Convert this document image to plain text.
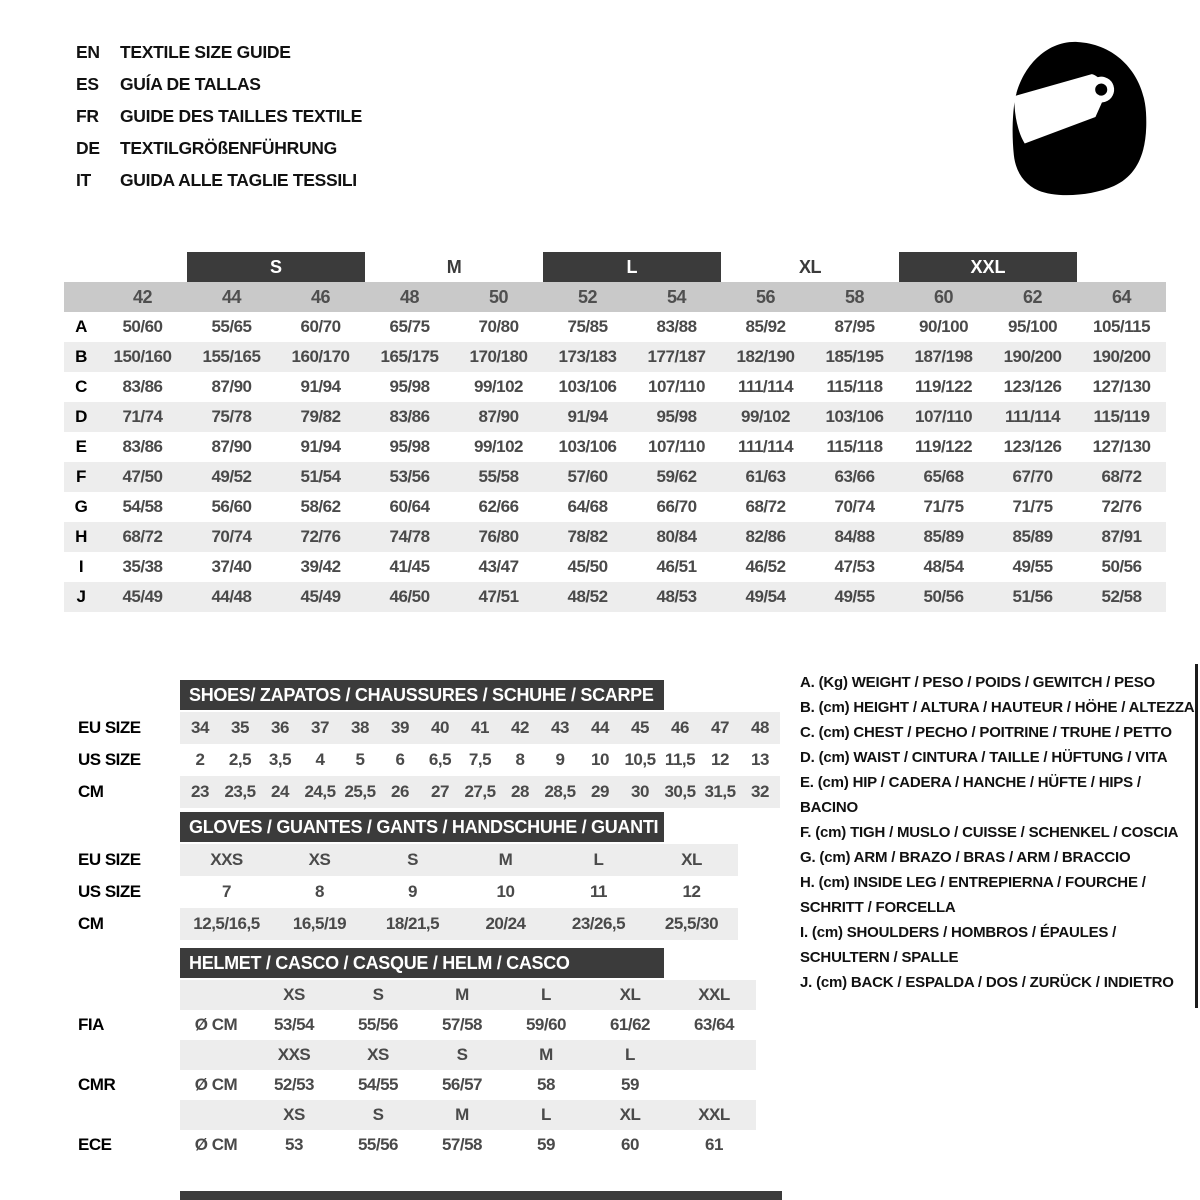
EN TEXTILE SIZE GUIDE
ES GUÍA DE TALLAS
FR GUIDE DES TAILLES TEXTILE
DE TEXTILGRÖßENFÜHRUNG
IT GUIDA ALLE TAGLIE TESSILI

		S		M		L		XL		XXL		

	42	44	46	48	50	52	54	56	58	60	62	64
A	50/60	55/65	60/70	65/75	70/80	75/85	83/88	85/92	87/95	90/100	95/100	105/115
B	150/160	155/165	160/170	165/175	170/180	173/183	177/187	182/190	185/195	187/198	190/200	190/200
C	83/86	87/90	91/94	95/98	99/102	103/106	107/110	111/114	115/118	119/122	123/126	127/130
D	71/74	75/78	79/82	83/86	87/90	91/94	95/98	99/102	103/106	107/110	111/114	115/119
E	83/86	87/90	91/94	95/98	99/102	103/106	107/110	111/114	115/118	119/122	123/126	127/130
F	47/50	49/52	51/54	53/56	55/58	57/60	59/62	61/63	63/66	65/68	67/70	68/72
G	54/58	56/60	58/62	60/64	62/66	64/68	66/70	68/72	70/74	71/75	71/75	72/76
H	68/72	70/74	72/76	74/78	76/80	78/82	80/84	82/86	84/88	85/89	85/89	87/91
I	35/38	37/40	39/42	41/45	43/47	45/50	46/51	46/52	47/53	48/54	49/55	50/56
J	45/49	44/48	45/49	46/50	47/51	48/52	48/53	49/54	49/55	50/56	51/56	52/58
SHOES/ ZAPATOS / CHAUSSURES / SCHUHE / SCARPE
EU SIZE	34	35	36	37	38	39	40	41	42	43	44	45	46	47	48
US SIZE	2	2,5	3,5	4	5	6	6,5	7,5	8	9	10	10,5	11,5	12	13
CM	23	23,5	24	24,5	25,5	26	27	27,5	28	28,5	29	30	30,5	31,5	32
GLOVES / GUANTES / GANTS / HANDSCHUHE / GUANTI
EU SIZE	XXS	XS	S	M	L	XL
US SIZE	7	8	9	10	11	12
CM	12,5/16,5	16,5/19	18/21,5	20/24	23/26,5	25,5/30
HELMET / CASCO / CASQUE / HELM / CASCO
		XS	S	M	L	XL	XXL
FIA	Ø CM	53/54	55/56	57/58	59/60	61/62	63/64
		XXS	XS	S	M	L	
CMR	Ø CM	52/53	54/55	56/57	58	59	
		XS	S	M	L	XL	XXL
ECE	Ø CM	53	55/56	57/58	59	60	61
A. (Kg) WEIGHT / PESO / POIDS / GEWITCH / PESO
B. (cm) HEIGHT / ALTURA / HAUTEUR / HÖHE / ALTEZZA
C. (cm) CHEST / PECHO / POITRINE / TRUHE / PETTO
D. (cm) WAIST / CINTURA / TAILLE / HÜFTUNG / VITA
E. (cm) HIP / CADERA / HANCHE / HÜFTE / HIPS / BACINO
F. (cm) TIGH / MUSLO / CUISSE / SCHENKEL / COSCIA
G. (cm) ARM / BRAZO / BRAS / ARM / BRACCIO
H. (cm) INSIDE LEG / ENTREPIERNA / FOURCHE / SCHRITT / FORCELLA
I. (cm) SHOULDERS / HOMBROS / ÉPAULES / SCHULTERN / SPALLE
J. (cm) BACK / ESPALDA / DOS / ZURÜCK / INDIETRO
